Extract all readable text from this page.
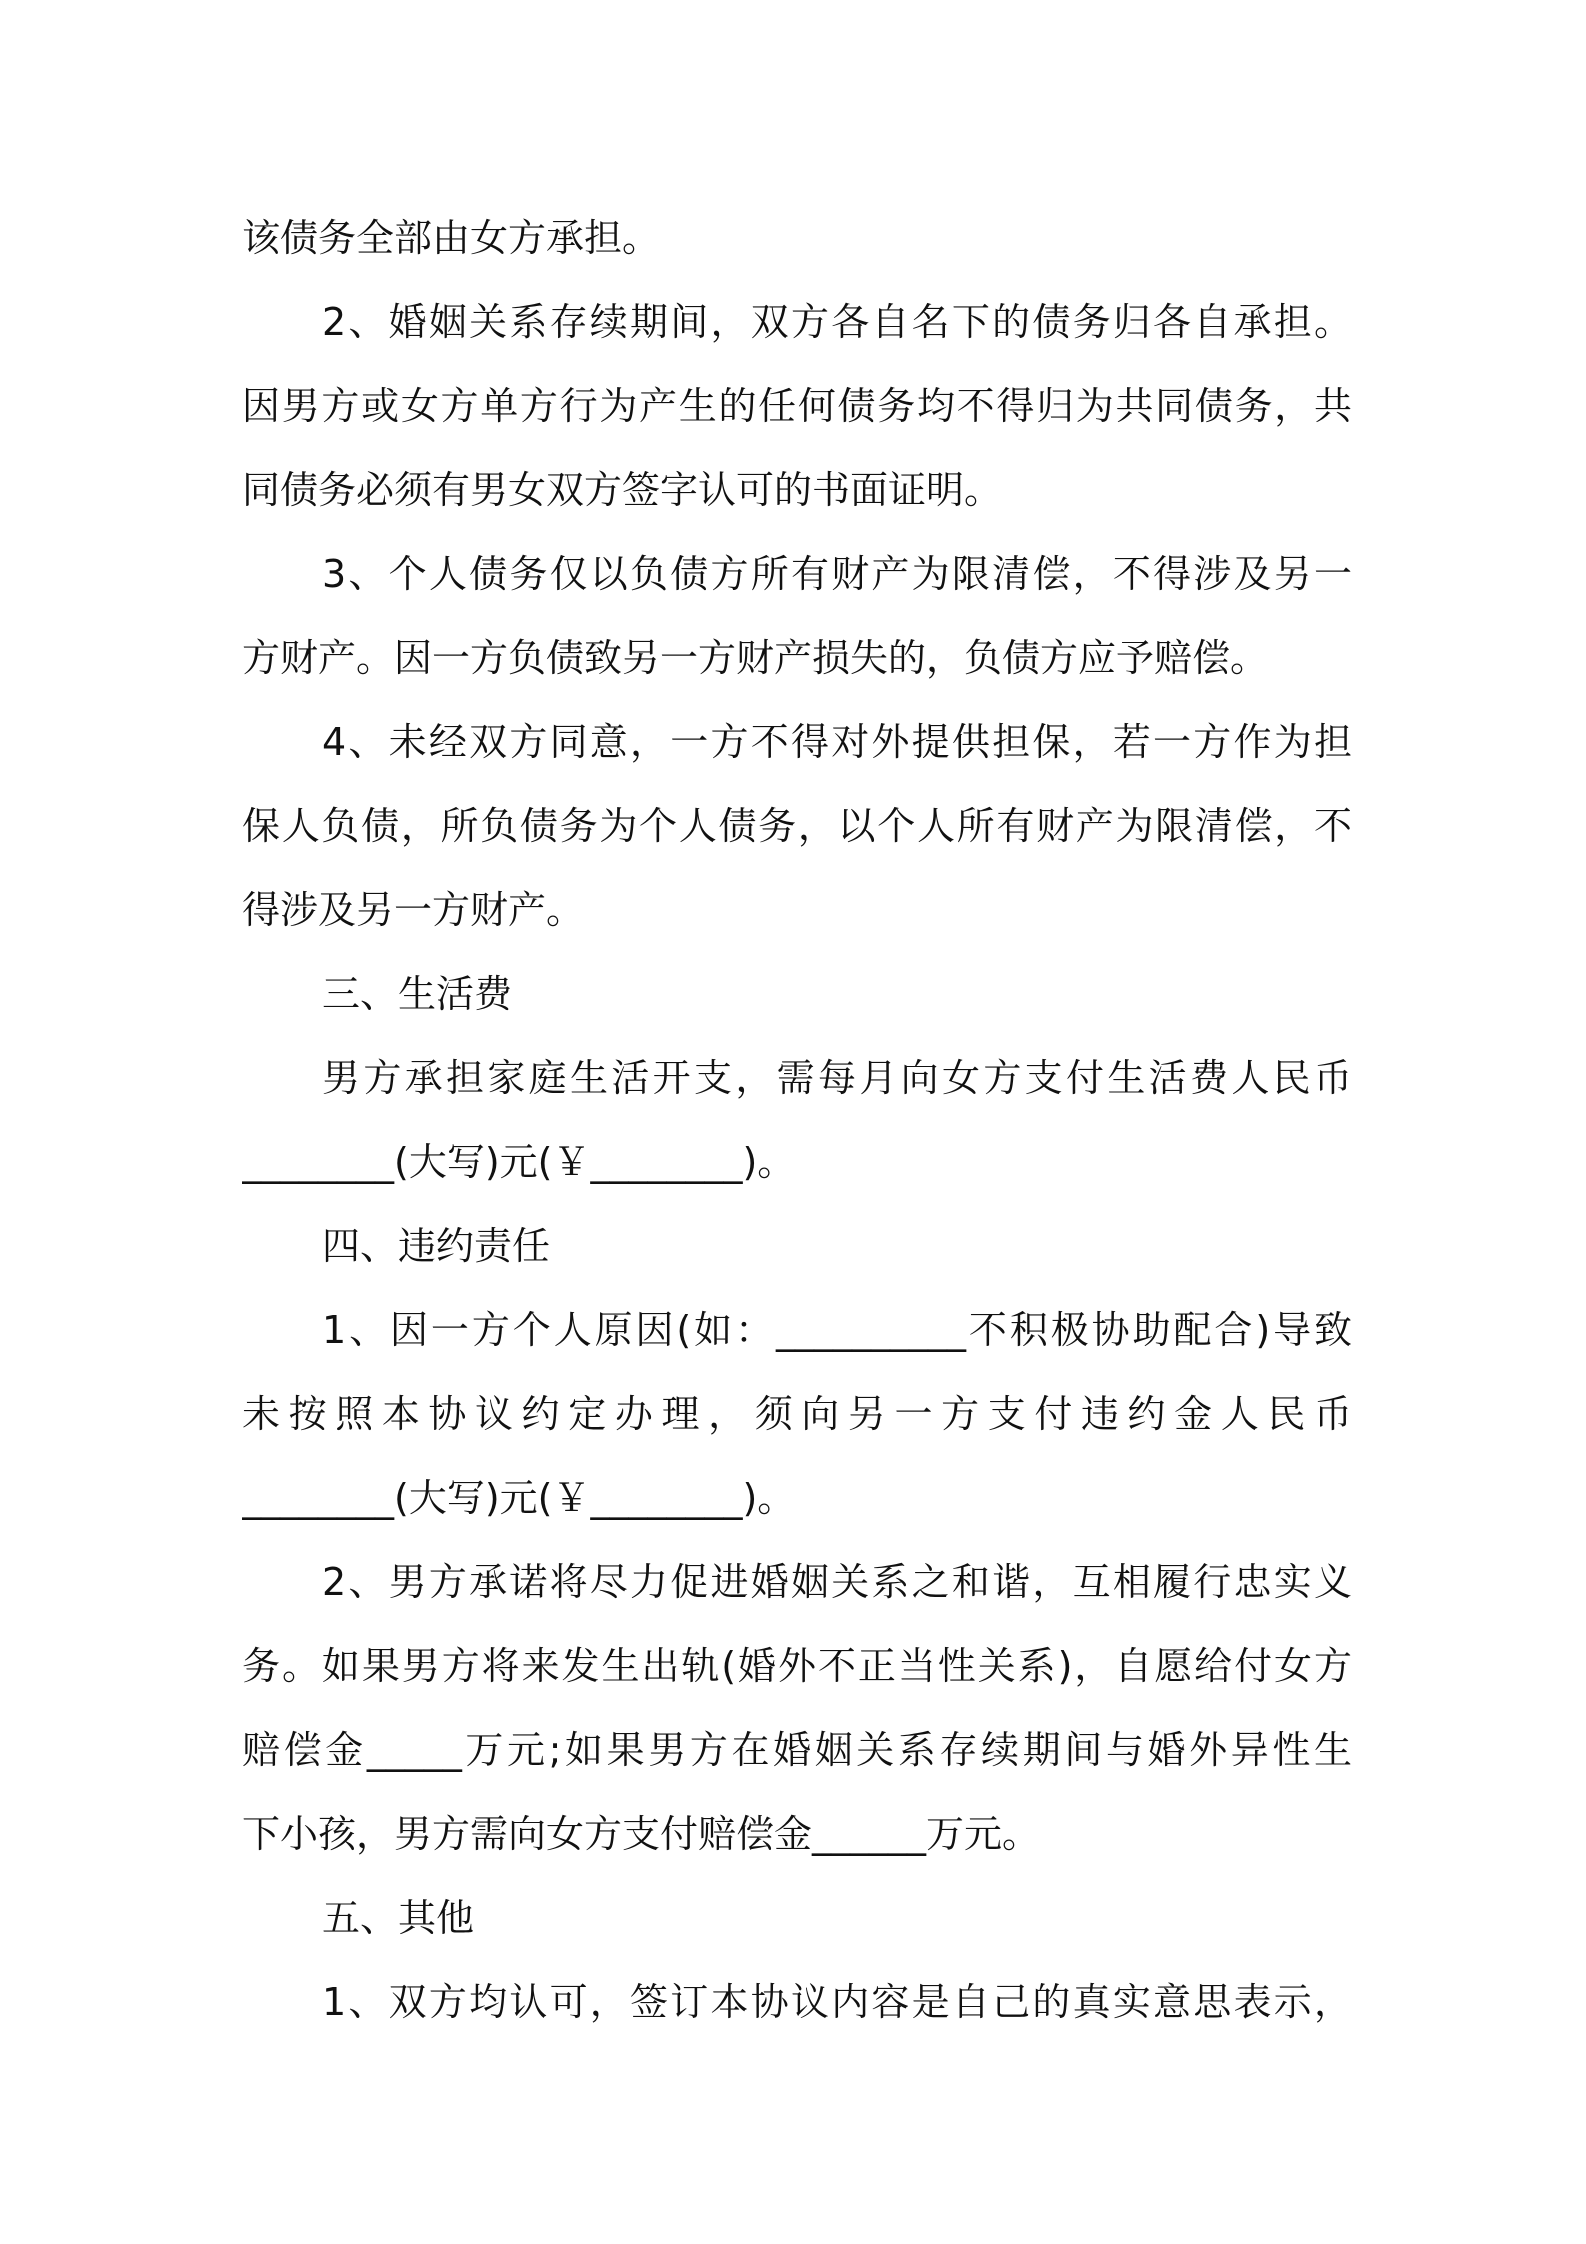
该债务全部由女方承担。
2、婚姻关系存续期间，双方各自名下的债务归各自承担。
因男方或女方单方行为产生的任何债务均不得归为共同债务，共
同债务必须有男女双方签字认可的书面证明。
3、个人债务仅以负债方所有财产为限清偿，不得涉及另一
方财产。因一方负债致另一方财产损失的，负债方应予赔偿。
4、未经双方同意，一方不得对外提供担保，若一方作为担
保人负债，所负债务为个人债务，以个人所有财产为限清偿，不
得涉及另一方财产。
三、生活费
男方承担家庭生活开支，需每月向女方支付生活费人民币
________(大写)元(￥________)。
四、违约责任
1、因一方个人原因(如：__________不积极协助配合)导致
未按照本协议约定办理，须向另一方支付违约金人民币
________(大写)元(￥________)。
2、男方承诺将尽力促进婚姻关系之和谐，互相履行忠实义
务。如果男方将来发生出轨(婚外不正当性关系)，自愿给付女方
赔偿金_____万元;如果男方在婚姻关系存续期间与婚外异性生
下小孩，男方需向女方支付赔偿金______万元。
五、其他
1、双方均认可，签订本协议内容是自己的真实意思表示，
